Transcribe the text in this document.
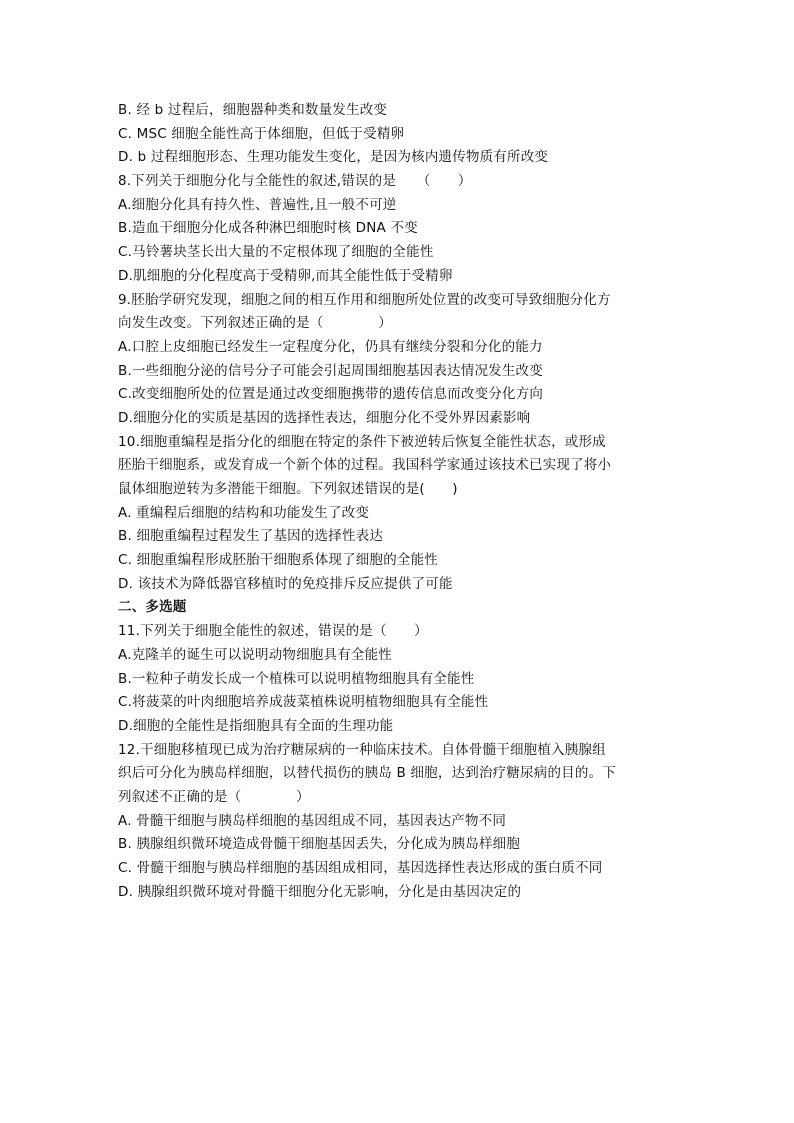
B. 经 b 过程后，细胞器种类和数量发生改变
C. MSC 细胞全能性高于体细胞，但低于受精卵
D. b 过程细胞形态、生理功能发生变化，是因为核内遗传物质有所改变
8.下列关于细胞分化与全能性的叙述,错误的是　　（　　）
A.细胞分化具有持久性、普遍性,且一般不可逆
B.造血干细胞分化成各种淋巴细胞时核 DNA 不变
C.马铃薯块茎长出大量的不定根体现了细胞的全能性
D.肌细胞的分化程度高于受精卵,而其全能性低于受精卵
9.胚胎学研究发现，细胞之间的相互作用和细胞所处位置的改变可导致细胞分化方
向发生改变。下列叙述正确的是（　　　　）
A.口腔上皮细胞已经发生一定程度分化，仍具有继续分裂和分化的能力
B.一些细胞分泌的信号分子可能会引起周围细胞基因表达情况发生改变
C.改变细胞所处的位置是通过改变细胞携带的遗传信息而改变分化方向
D.细胞分化的实质是基因的选择性表达，细胞分化不受外界因素影响
10.细胞重编程是指分化的细胞在特定的条件下被逆转后恢复全能性状态，或形成
胚胎干细胞系，或发育成一个新个体的过程。我国科学家通过该技术已实现了将小
鼠体细胞逆转为多潜能干细胞。下列叙述错误的是(　　)
A. 重编程后细胞的结构和功能发生了改变
B. 细胞重编程过程发生了基因的选择性表达
C. 细胞重编程形成胚胎干细胞系体现了细胞的全能性
D. 该技术为降低器官移植时的免疫排斥反应提供了可能
二、多选题
11.下列关于细胞全能性的叙述，错误的是（　　）
A.克隆羊的诞生可以说明动物细胞具有全能性
B.一粒种子萌发长成一个植株可以说明植物细胞具有全能性
C.将菠菜的叶肉细胞培养成菠菜植株说明植物细胞具有全能性
D.细胞的全能性是指细胞具有全面的生理功能
12.干细胞移植现已成为治疗糖尿病的一种临床技术。自体骨髓干细胞植入胰腺组
织后可分化为胰岛样细胞，以替代损伤的胰岛 B 细胞，达到治疗糖尿病的目的。下
列叙述不正确的是（　　　　）
A. 骨髓干细胞与胰岛样细胞的基因组成不同，基因表达产物不同
B. 胰腺组织微环境造成骨髓干细胞基因丢失，分化成为胰岛样细胞
C. 骨髓干细胞与胰岛样细胞的基因组成相同，基因选择性表达形成的蛋白质不同
D. 胰腺组织微环境对骨髓干细胞分化无影响，分化是由基因决定的
